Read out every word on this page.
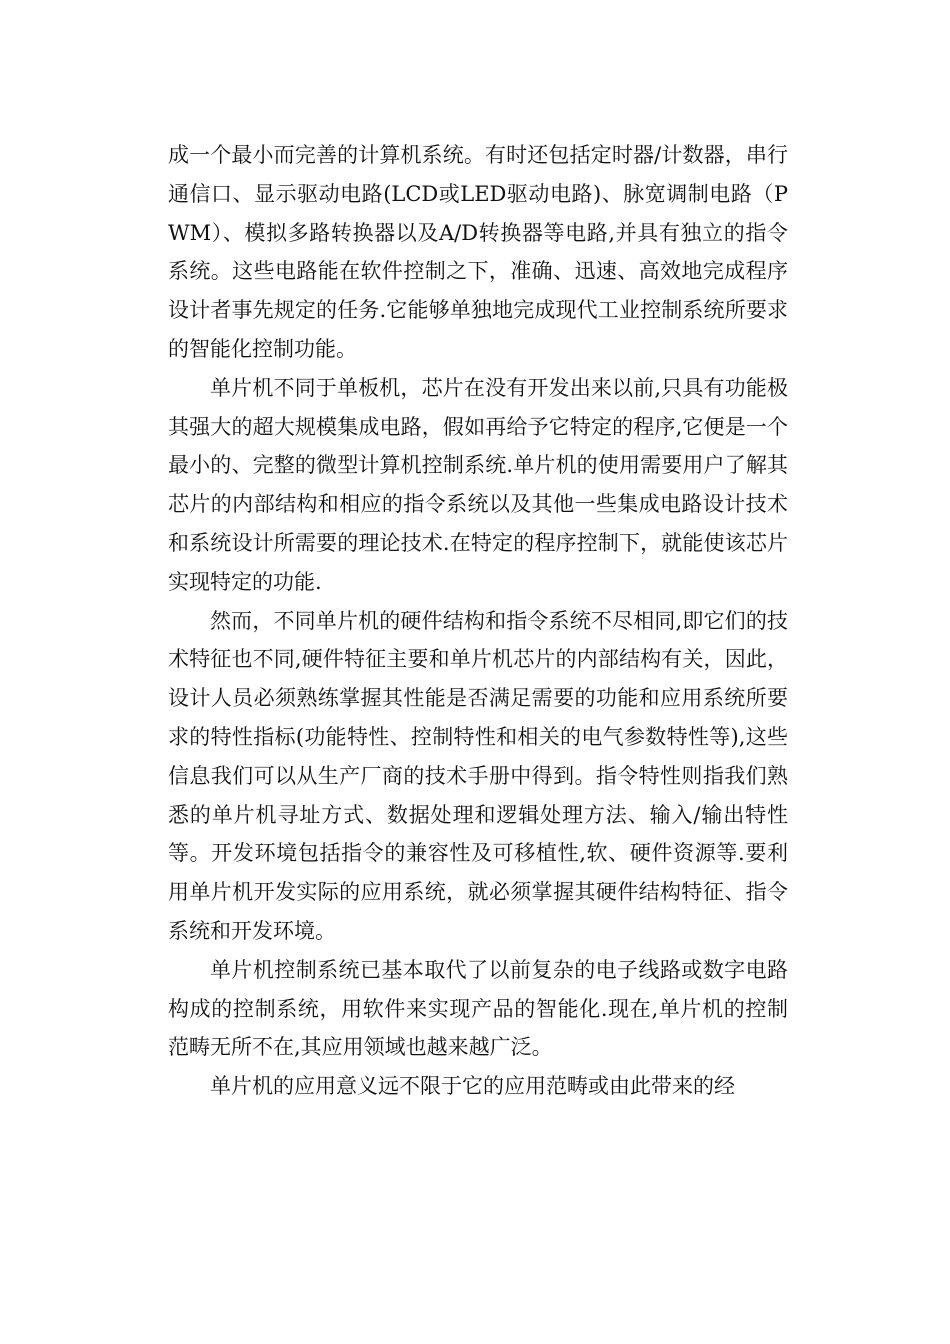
成一个最小而完善的计算机系统。有时还包括定时器/计数器，串行通信口、显示驱动电路(LCD或LED驱动电路)、脉宽调制电路（PWM）、模拟多路转换器以及A/D转换器等电路,并具有独立的指令系统。这些电路能在软件控制之下，准确、迅速、高效地完成程序设计者事先规定的任务.它能够单独地完成现代工业控制系统所要求的智能化控制功能。

单片机不同于单板机，芯片在没有开发出来以前,只具有功能极其强大的超大规模集成电路，假如再给予它特定的程序,它便是一个最小的、完整的微型计算机控制系统.单片机的使用需要用户了解其芯片的内部结构和相应的指令系统以及其他一些集成电路设计技术和系统设计所需要的理论技术.在特定的程序控制下，就能使该芯片实现特定的功能.

然而，不同单片机的硬件结构和指令系统不尽相同,即它们的技术特征也不同,硬件特征主要和单片机芯片的内部结构有关，因此，设计人员必须熟练掌握其性能是否满足需要的功能和应用系统所要求的特性指标(功能特性、控制特性和相关的电气参数特性等),这些信息我们可以从生产厂商的技术手册中得到。指令特性则指我们熟悉的单片机寻址方式、数据处理和逻辑处理方法、输入/输出特性等。开发环境包括指令的兼容性及可移植性,软、硬件资源等.要利用单片机开发实际的应用系统，就必须掌握其硬件结构特征、指令系统和开发环境。

单片机控制系统已基本取代了以前复杂的电子线路或数字电路构成的控制系统，用软件来实现产品的智能化.现在,单片机的控制范畴无所不在,其应用领域也越来越广泛。

单片机的应用意义远不限于它的应用范畴或由此带来的经
